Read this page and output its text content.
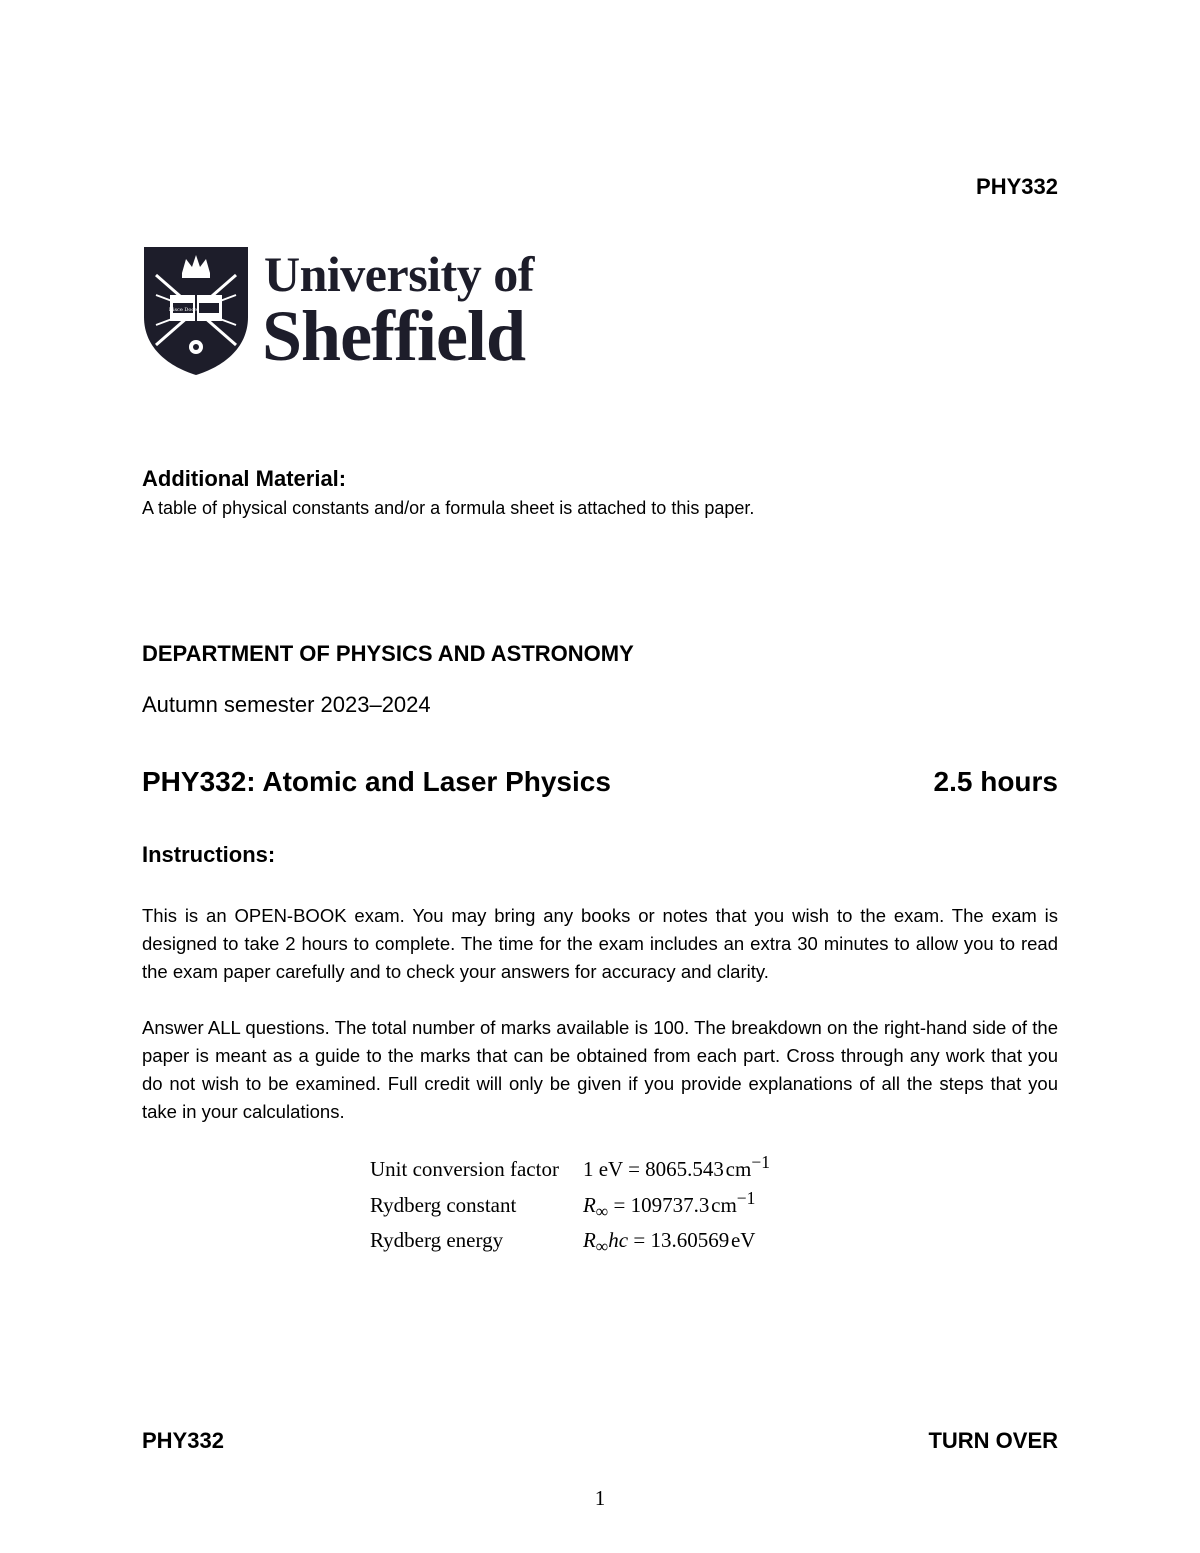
PHY332
Disce Doce
University of
Sheffield
Additional Material:
A table of physical constants and/or a formula sheet is attached to this paper.
DEPARTMENT OF PHYSICS AND ASTRONOMY
Autumn semester 2023–2024
PHY332: Atomic and Laser Physics	2.5 hours
Instructions:
This is an OPEN-BOOK exam. You may bring any books or notes that you wish to the exam. The exam is designed to take 2 hours to complete. The time for the exam includes an extra 30 minutes to allow you to read the exam paper carefully and to check your answers for accuracy and clarity.
Answer ALL questions. The total number of marks available is 100. The breakdown on the right-hand side of the paper is meant as a guide to the marks that can be obtained from each part. Cross through any work that you do not wish to be examined. Full credit will only be given if you provide explanations of all the steps that you take in your calculations.
Unit conversion factor	1 eV = 8065.543 $cm^{-1}$
Rydberg constant	$R_\infty = 109737.3$ $cm^{-1}$
Rydberg energy	$R_\infty hc = 13.60569$ eV
PHY332	TURN OVER
1
